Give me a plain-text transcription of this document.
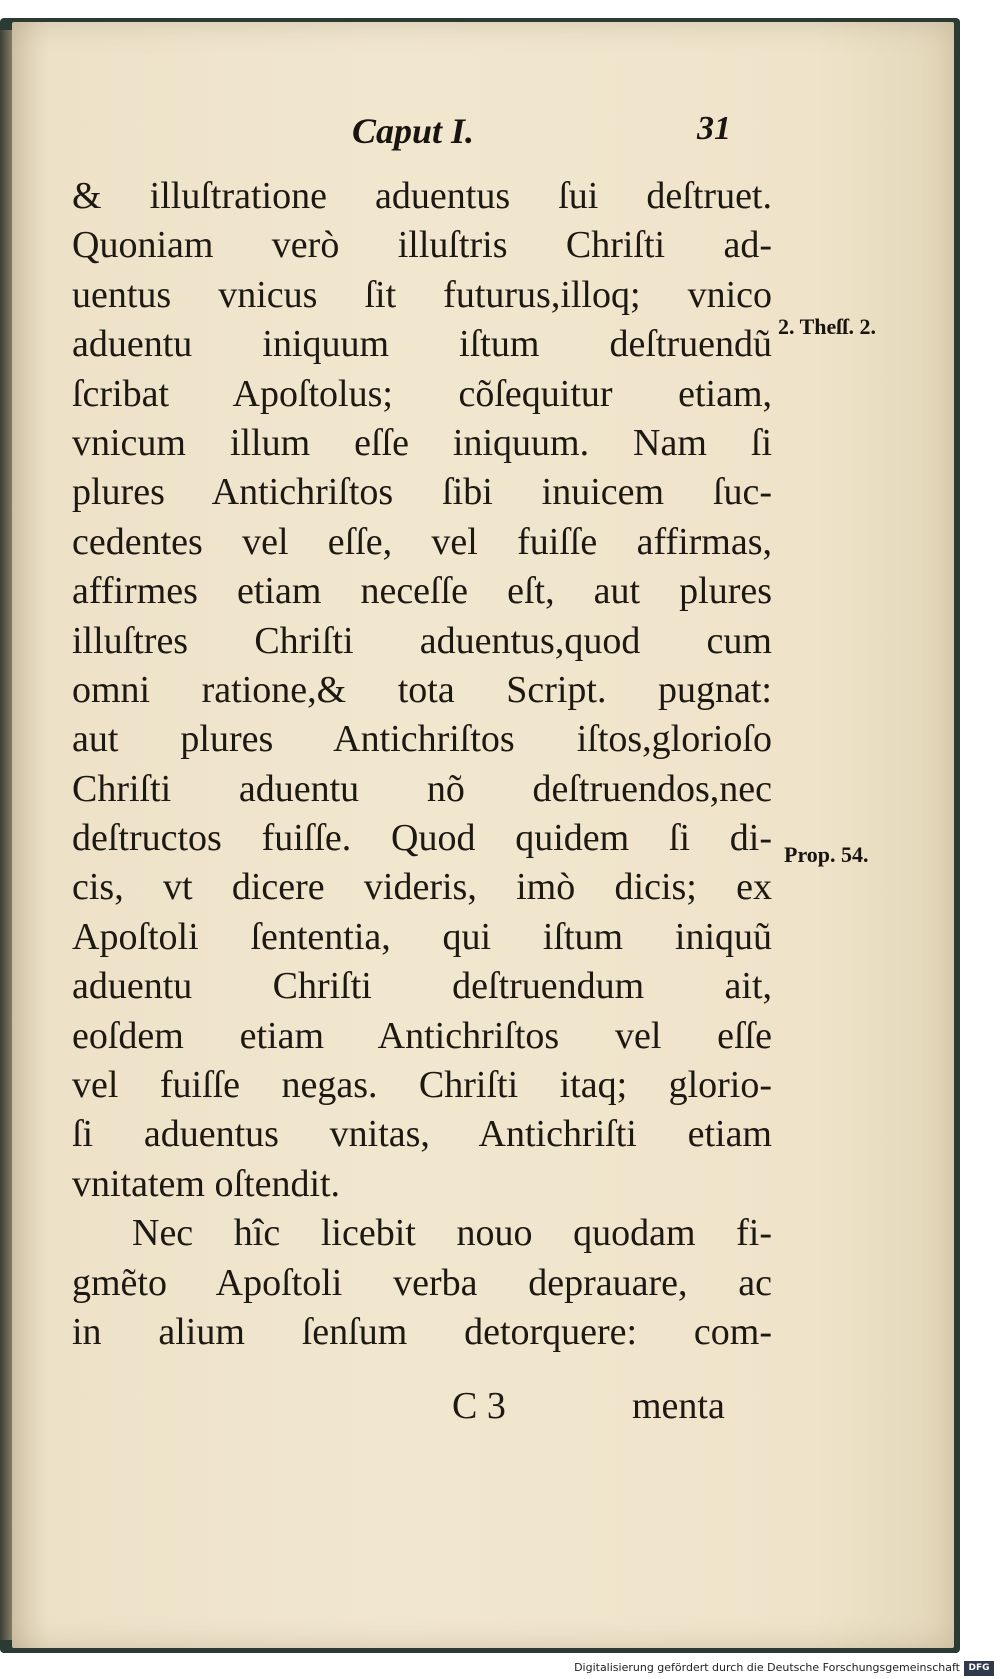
Caput I.	31
& illuſtratione aduentus ſui deſtruet.
Quoniam verò illuſtris Chriſti ad-
uentus vnicus ſit futurus,illoq; vnico
aduentu iniquum iſtum deſtruendũ
ſcribat Apoſtolus; cõſequitur etiam,
vnicum illum eſſe iniquum. Nam ſi
plures Antichriſtos ſibi inuicem ſuc-
cedentes vel eſſe, vel fuiſſe affirmas,
affirmes etiam neceſſe eſt, aut plures
illuſtres Chriſti aduentus,quod cum
omni ratione,& tota Script. pugnat:
aut plures Antichriſtos iſtos,glorioſo
Chriſti aduentu nõ deſtruendos,nec
deſtructos fuiſſe. Quod quidem ſi di-
cis, vt dicere videris, imò dicis; ex
Apoſtoli ſententia, qui iſtum iniquũ
aduentu Chriſti deſtruendum ait,
eoſdem etiam Antichriſtos vel eſſe
vel fuiſſe negas. Chriſti itaq; glorio-
ſi aduentus vnitas, Antichriſti etiam
vnitatem oſtendit.
Nec hîc licebit nouo quodam fi-
gmẽto Apoſtoli verba deprauare, ac
in alium ſenſum detorquere: com-
2. Theſſ. 2.
Prop. 54.
C 3	menta
Digitalisierung gefördert durch die Deutsche Forschungsgemeinschaft DFG
